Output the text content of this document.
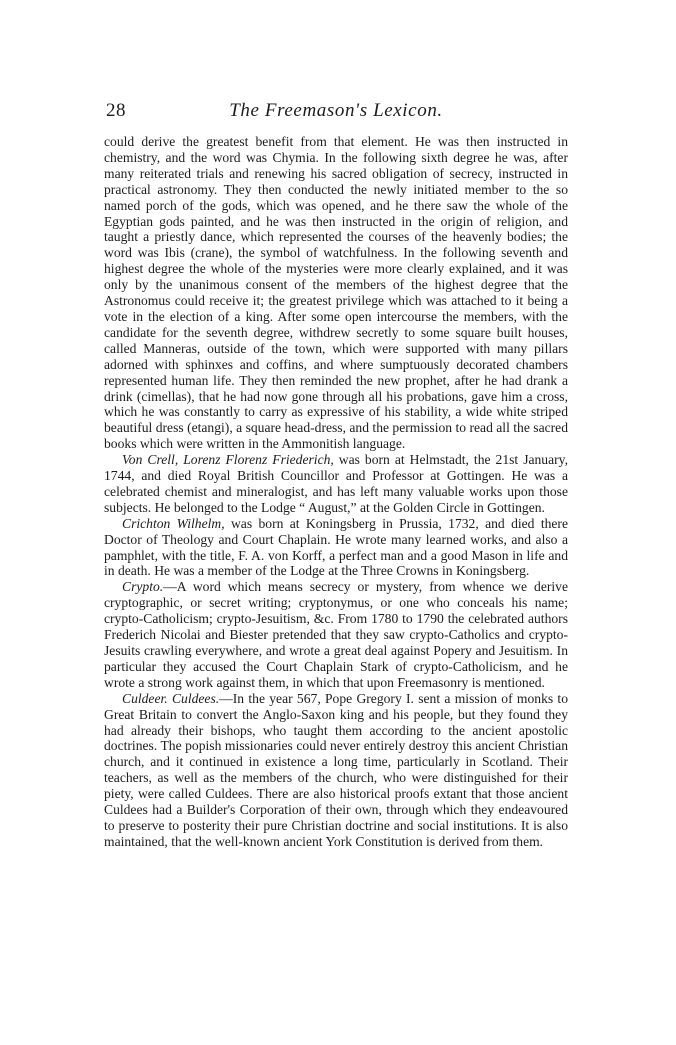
28	The Freemason's Lexicon.

could derive the greatest benefit from that element. He was then instructed in chemistry, and the word was Chymia. In the following sixth degree he was, after many reiterated trials and renewing his sacred obligation of secrecy, instructed in practical astronomy. They then conducted the newly initiated member to the so named porch of the gods, which was opened, and he there saw the whole of the Egyptian gods painted, and he was then instructed in the origin of religion, and taught a priestly dance, which represented the courses of the heavenly bodies; the word was Ibis (crane), the symbol of watchfulness. In the following seventh and highest degree the whole of the mysteries were more clearly explained, and it was only by the unanimous consent of the members of the highest degree that the Astronomus could receive it; the greatest privilege which was attached to it being a vote in the election of a king. After some open intercourse the members, with the candidate for the seventh degree, withdrew secretly to some square built houses, called Manneras, outside of the town, which were supported with many pillars adorned with sphinxes and coffins, and where sumptuously decorated chambers represented human life. They then reminded the new prophet, after he had drank a drink (cimellas), that he had now gone through all his probations, gave him a cross, which he was constantly to carry as expressive of his stability, a wide white striped beautiful dress (etangi), a square head-dress, and the permission to read all the sacred books which were written in the Ammonitish language.

Von Crell, Lorenz Florenz Friederich, was born at Helmstadt, the 21st January, 1744, and died Royal British Councillor and Professor at Gottingen. He was a celebrated chemist and mineralogist, and has left many valuable works upon those subjects. He belonged to the Lodge “ August,” at the Golden Circle in Gottingen.

Crichton Wilhelm, was born at Koningsberg in Prussia, 1732, and died there Doctor of Theology and Court Chaplain. He wrote many learned works, and also a pamphlet, with the title, F. A. von Korff, a perfect man and a good Mason in life and in death. He was a member of the Lodge at the Three Crowns in Koningsberg.

Crypto.—A word which means secrecy or mystery, from whence we derive cryptographic, or secret writing; cryptonymus, or one who conceals his name; crypto-Catholicism; crypto-Jesuitism, &c. From 1780 to 1790 the celebrated authors Frederich Nicolai and Biester pretended that they saw crypto-Catholics and crypto-Jesuits crawling everywhere, and wrote a great deal against Popery and Jesuitism. In particular they accused the Court Chaplain Stark of crypto-Catholicism, and he wrote a strong work against them, in which that upon Freemasonry is mentioned.

Culdeer. Culdees.—In the year 567, Pope Gregory I. sent a mission of monks to Great Britain to convert the Anglo-Saxon king and his people, but they found they had already their bishops, who taught them according to the ancient apostolic doctrines. The popish missionaries could never entirely destroy this ancient Christian church, and it continued in existence a long time, particularly in Scotland. Their teachers, as well as the members of the church, who were distinguished for their piety, were called Culdees. There are also historical proofs extant that those ancient Culdees had a Builder's Corporation of their own, through which they endeavoured to preserve to posterity their pure Christian doctrine and social institutions. It is also maintained, that the well-known ancient York Constitution is derived from them.
